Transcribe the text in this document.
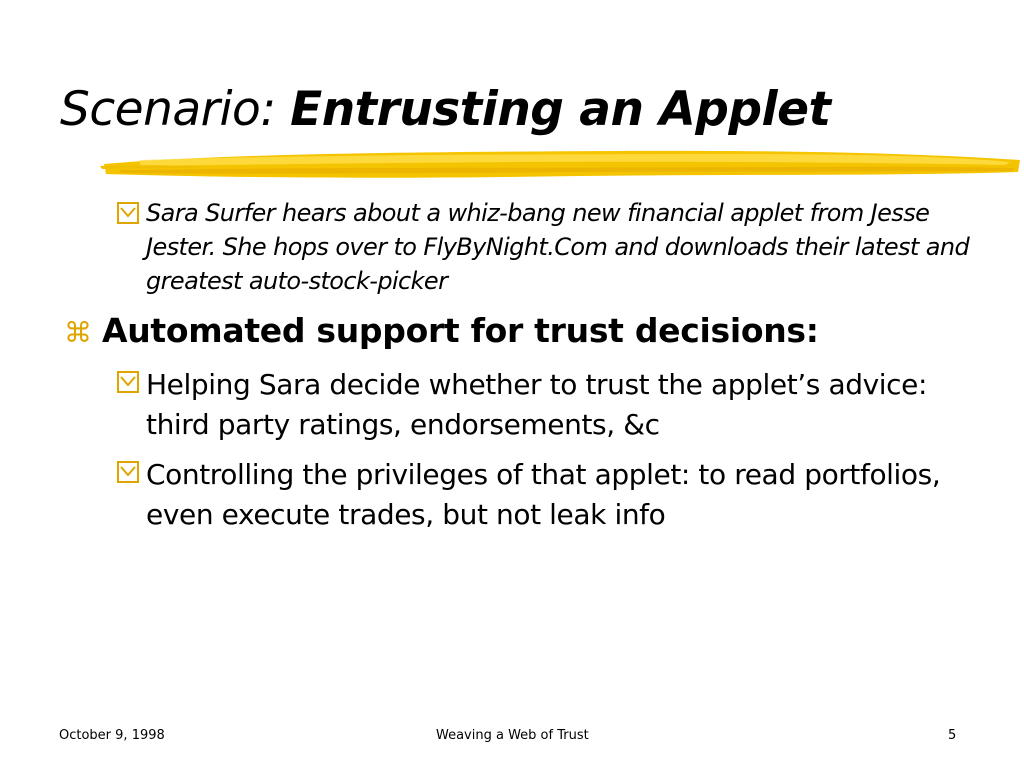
Scenario: Entrusting an Applet
Sara Surfer hears about a whiz-bang new financial applet from Jesse Jester. She hops over to FlyByNight.Com and downloads their latest and greatest auto-stock-picker
⌘ Automated support for trust decisions:
Helping Sara decide whether to trust the applet’s advice: third party ratings, endorsements, &c
Controlling the privileges of that applet: to read portfolios, even execute trades, but not leak info
October 9, 1998	Weaving a Web of Trust	5
